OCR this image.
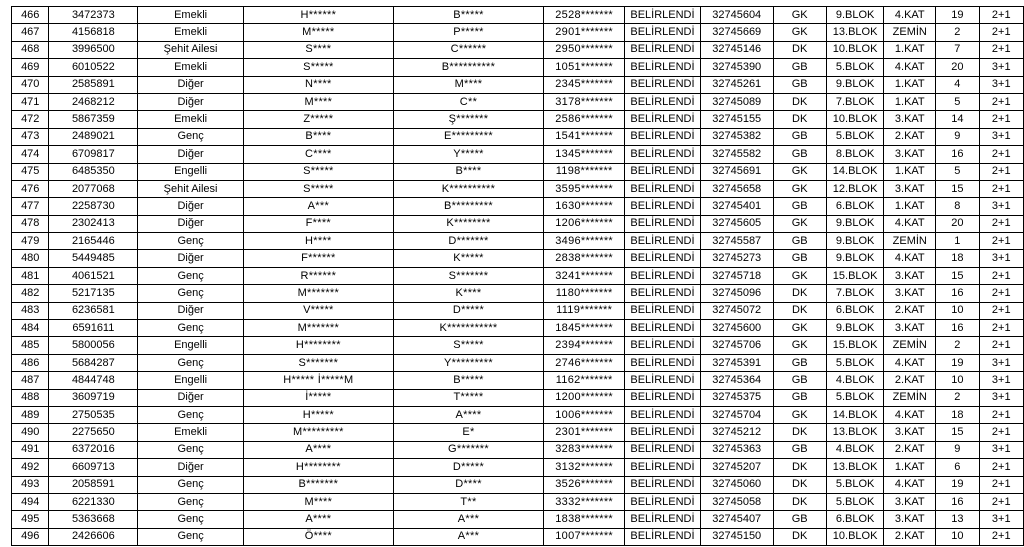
466	3472373	Emekli	H******	B*****	2528*******	BELİRLENDİ	32745604	GK	9.BLOK	4.KAT	19	2+1
467	4156818	Emekli	M*****	P*****	2901*******	BELİRLENDİ	32745669	GK	13.BLOK	ZEMİN	2	2+1
468	3996500	Şehit Ailesi	S****	C******	2950*******	BELİRLENDİ	32745146	DK	10.BLOK	1.KAT	7	2+1
469	6010522	Emekli	S*****	B**********	1051*******	BELİRLENDİ	32745390	GB	5.BLOK	4.KAT	20	3+1
470	2585891	Diğer	N****	M****	2345*******	BELİRLENDİ	32745261	GB	9.BLOK	1.KAT	4	3+1
471	2468212	Diğer	M****	C**	3178*******	BELİRLENDİ	32745089	DK	7.BLOK	1.KAT	5	2+1
472	5867359	Emekli	Z*****	Ş*******	2586*******	BELİRLENDİ	32745155	DK	10.BLOK	3.KAT	14	2+1
473	2489021	Genç	B****	E*********	1541*******	BELİRLENDİ	32745382	GB	5.BLOK	2.KAT	9	3+1
474	6709817	Diğer	C****	Y*****	1345*******	BELİRLENDİ	32745582	GB	8.BLOK	3.KAT	16	2+1
475	6485350	Engelli	S*****	B****	1198*******	BELİRLENDİ	32745691	GK	14.BLOK	1.KAT	5	2+1
476	2077068	Şehit Ailesi	S*****	K**********	3595*******	BELİRLENDİ	32745658	GK	12.BLOK	3.KAT	15	2+1
477	2258730	Diğer	A***	B*********	1630*******	BELİRLENDİ	32745401	GB	6.BLOK	1.KAT	8	3+1
478	2302413	Diğer	F****	K********	1206*******	BELİRLENDİ	32745605	GK	9.BLOK	4.KAT	20	2+1
479	2165446	Genç	H****	D*******	3496*******	BELİRLENDİ	32745587	GB	9.BLOK	ZEMİN	1	2+1
480	5449485	Diğer	F******	K*****	2838*******	BELİRLENDİ	32745273	GB	9.BLOK	4.KAT	18	3+1
481	4061521	Genç	R******	S*******	3241*******	BELİRLENDİ	32745718	GK	15.BLOK	3.KAT	15	2+1
482	5217135	Genç	M*******	K****	1180*******	BELİRLENDİ	32745096	DK	7.BLOK	3.KAT	16	2+1
483	6236581	Diğer	V*****	D*****	1119*******	BELİRLENDİ	32745072	DK	6.BLOK	2.KAT	10	2+1
484	6591611	Genç	M*******	K***********	1845*******	BELİRLENDİ	32745600	GK	9.BLOK	3.KAT	16	2+1
485	5800056	Engelli	H********	S*****	2394*******	BELİRLENDİ	32745706	GK	15.BLOK	ZEMİN	2	2+1
486	5684287	Genç	S*******	Y*********	2746*******	BELİRLENDİ	32745391	GB	5.BLOK	4.KAT	19	3+1
487	4844748	Engelli	H***** İ*****M	B*****	1162*******	BELİRLENDİ	32745364	GB	4.BLOK	2.KAT	10	3+1
488	3609719	Diğer	İ*****	T*****	1200*******	BELİRLENDİ	32745375	GB	5.BLOK	ZEMİN	2	3+1
489	2750535	Genç	H*****	A****	1006*******	BELİRLENDİ	32745704	GK	14.BLOK	4.KAT	18	2+1
490	2275650	Emekli	M*********	E*	2301*******	BELİRLENDİ	32745212	DK	13.BLOK	3.KAT	15	2+1
491	6372016	Genç	A****	G*******	3283*******	BELİRLENDİ	32745363	GB	4.BLOK	2.KAT	9	3+1
492	6609713	Diğer	H********	D*****	3132*******	BELİRLENDİ	32745207	DK	13.BLOK	1.KAT	6	2+1
493	2058591	Genç	B*******	D****	3526*******	BELİRLENDİ	32745060	DK	5.BLOK	4.KAT	19	2+1
494	6221330	Genç	M****	T**	3332*******	BELİRLENDİ	32745058	DK	5.BLOK	3.KAT	16	2+1
495	5363668	Genç	A****	A***	1838*******	BELİRLENDİ	32745407	GB	6.BLOK	3.KAT	13	3+1
496	2426606	Genç	Ö****	A***	1007*******	BELİRLENDİ	32745150	DK	10.BLOK	2.KAT	10	2+1
